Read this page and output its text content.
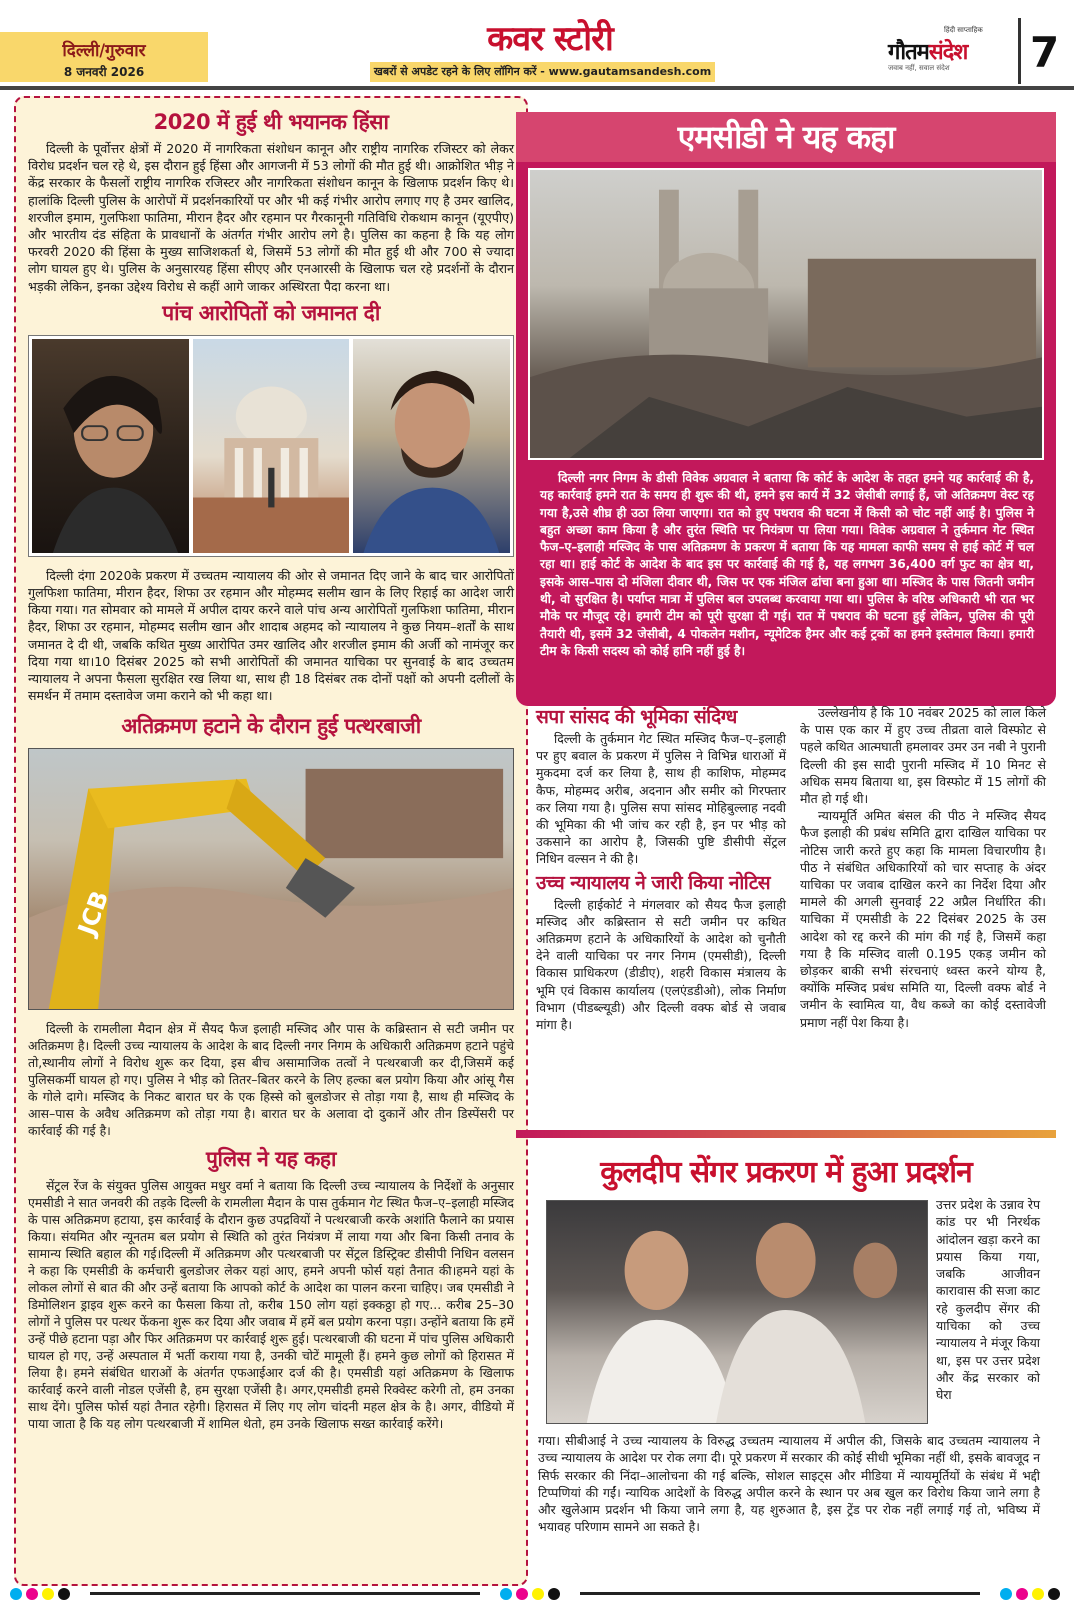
दिल्ली/गुरुवार
8 जनवरी 2026
कवर स्टोरी
खबरों से अपडेट रहने के लिए लॉगिन करें - www.gautamsandesh.com
हिंदी साप्ताहिक
गौतमसंदेश
जवाब नहीं, सवाल संदेश 7
2020 में हुई थी भयानक हिंसा

दिल्ली के पूर्वोत्तर क्षेत्रों में 2020 में नागरिकता संशोधन कानून और राष्ट्रीय नागरिक रजिस्टर को लेकर विरोध प्रदर्शन चल रहे थे, इस दौरान हुई हिंसा और आगजनी में 53 लोगों की मौत हुई थी। आक्रोशित भीड़ ने केंद्र सरकार के फैसलों राष्ट्रीय नागरिक रजिस्टर और नागरिकता संशोधन कानून के खिलाफ प्रदर्शन किए थे। हालांकि दिल्ली पुलिस के आरोपों में प्रदर्शनकारियों पर और भी कई गंभीर आरोप लगाए गए है उमर खालिद, शरजील इमाम, गुलफिशा फातिमा, मीरान हैदर और रहमान पर गैरकानूनी गतिविधि रोकथाम कानून (यूएपीए) और भारतीय दंड संहिता के प्रावधानों के अंतर्गत गंभीर आरोप लगे है। पुलिस का कहना है कि यह लोग फरवरी 2020 की हिंसा के मुख्य साजिशकर्ता थे, जिसमें 53 लोगों की मौत हुई थी और 700 से ज्यादा लोग घायल हुए थे। पुलिस के अनुसारयह हिंसा सीएए और एनआरसी के खिलाफ चल रहे प्रदर्शनों के दौरान भड़की लेकिन, इनका उद्देश्य विरोध से कहीं आगे जाकर अस्थिरता पैदा करना था।

पांच आरोपितों को जमानत दी

दिल्ली दंगा 2020के प्रकरण में उच्चतम न्यायालय की ओर से जमानत दिए जाने के बाद चार आरोपितों गुलफिशा फातिमा, मीरान हैदर, शिफा उर रहमान और मोहम्मद सलीम खान के लिए रिहाई का आदेश जारी किया गया। गत सोमवार को मामले में अपील दायर करने वाले पांच अन्य आरोपितों गुलफिशा फातिमा, मीरान हैदर, शिफा उर रहमान, मोहम्मद सलीम खान और शादाब अहमद को न्यायालय ने कुछ नियम–शर्तों के साथ जमानत दे दी थी, जबकि कथित मुख्य आरोपित उमर खालिद और शरजील इमाम की अर्जी को नामंजूर कर दिया गया था।10 दिसंबर 2025 को सभी आरोपितों की जमानत याचिका पर सुनवाई के बाद उच्चतम न्यायालय ने अपना फैसला सुरक्षित रख लिया था, साथ ही 18 दिसंबर तक दोनों पक्षों को अपनी दलीलों के समर्थन में तमाम दस्तावेज जमा कराने को भी कहा था।

अतिक्रमण हटाने के दौरान हुई पत्थरबाजी
JCB

दिल्ली के रामलीला मैदान क्षेत्र में सैयद फैज इलाही मस्जिद और पास के कब्रिस्तान से सटी जमीन पर अतिक्रमण है। दिल्ली उच्च न्यायालय के आदेश के बाद दिल्ली नगर निगम के अधिकारी अतिक्रमण हटाने पहुंचे तो,स्थानीय लोगों ने विरोध शुरू कर दिया, इस बीच असामाजिक तत्वों ने पत्थरबाजी कर दी,जिसमें कई पुलिसकर्मी घायल हो गए। पुलिस ने भीड़ को तितर–बितर करने के लिए हल्का बल प्रयोग किया और आंसू गैस के गोले दागे। मस्जिद के निकट बारात घर के एक हिस्से को बुलडोजर से तोड़ा गया है, साथ ही मस्जिद के आस–पास के अवैध अतिक्रमण को तोड़ा गया है। बारात घर के अलावा दो दुकानें और तीन डिस्पेंसरी पर कार्रवाई की गई है।

पुलिस ने यह कहा

सेंट्रल रेंज के संयुक्त पुलिस आयुक्त मधुर वर्मा ने बताया कि दिल्ली उच्च न्यायालय के निर्देशों के अनुसार एमसीडी ने सात जनवरी की तड़के दिल्ली के रामलीला मैदान के पास तुर्कमान गेट स्थित फैज–ए–इलाही मस्जिद के पास अतिक्रमण हटाया, इस कार्रवाई के दौरान कुछ उपद्रवियों ने पत्थरबाजी करके अशांति फैलाने का प्रयास किया। संयमित और न्यूनतम बल प्रयोग से स्थिति को तुरंत नियंत्रण में लाया गया और बिना किसी तनाव के सामान्य स्थिति बहाल की गई।दिल्ली में अतिक्रमण और पत्थरबाजी पर सेंट्रल डिस्ट्रिक्ट डीसीपी निधिन वलसन ने कहा कि एमसीडी के कर्मचारी बुलडोजर लेकर यहां आए, हमने अपनी फोर्स यहां तैनात की।हमने यहां के लोकल लोगों से बात की और उन्हें बताया कि आपको कोर्ट के आदेश का पालन करना चाहिए। जब एमसीडी ने डिमोलिशन ड्राइव शुरू करने का फैसला किया तो, करीब 150 लोग यहां इक्कठ्ठा हो गए... करीब 25–30 लोगों ने पुलिस पर पत्थर फेंकना शुरू कर दिया और जवाब में हमें बल प्रयोग करना पड़ा। उन्होंने बताया कि हमें उन्हें पीछे हटाना पड़ा और फिर अतिक्रमण पर कार्रवाई शुरू हुई। पत्थरबाजी की घटना में पांच पुलिस अधिकारी घायल हो गए, उन्हें अस्पताल में भर्ती कराया गया है, उनकी चोटें मामूली हैं। हमने कुछ लोगों को हिरासत में लिया है। हमने संबंधित धाराओं के अंतर्गत एफआईआर दर्ज की है। एमसीडी यहां अतिक्रमण के खिलाफ कार्रवाई करने वाली नोडल एजेंसी है, हम सुरक्षा एजेंसी है। अगर,एमसीडी हमसे रिक्वेस्ट करेगी तो, हम उनका साथ देंगे। पुलिस फोर्स यहां तैनात रहेगी। हिरासत में लिए गए लोग चांदनी महल क्षेत्र के है। अगर, वीडियो में पाया जाता है कि यह लोग पत्थरबाजी में शामिल थेतो, हम उनके खिलाफ सख्त कार्रवाई करेंगे।

एमसीडी ने यह कहा

दिल्ली नगर निगम के डीसी विवेक अग्रवाल ने बताया कि कोर्ट के आदेश के तहत हमने यह कार्रवाई की है, यह कार्रवाई हमने रात के समय ही शुरू की थी, हमने इस कार्य में 32 जेसीबी लगाई हैं, जो अतिक्रमण वेस्ट रह गया है,उसे शीघ्र ही उठा लिया जाएगा। रात को हुए पथराव की घटना में किसी को चोट नहीं आई है। पुलिस ने बहुत अच्छा काम किया है और तुरंत स्थिति पर नियंत्रण पा लिया गया। विवेक अग्रवाल ने तुर्कमान गेट स्थित फैज–ए–इलाही मस्जिद के पास अतिक्रमण के प्रकरण में बताया कि यह मामला काफी समय से हाई कोर्ट में चल रहा था। हाई कोर्ट के आदेश के बाद इस पर कार्रवाई की गई है, यह लगभग 36,400 वर्ग फुट का क्षेत्र था, इसके आस–पास दो मंजिला दीवार थी, जिस पर एक मंजिल ढांचा बना हुआ था। मस्जिद के पास जितनी जमीन थी, वो सुरक्षित है। पर्याप्त मात्रा में पुलिस बल उपलब्ध करवाया गया था। पुलिस के वरिष्ठ अधिकारी भी रात भर मौके पर मौजूद रहे। हमारी टीम को पूरी सुरक्षा दी गई। रात में पथराव की घटना हुई लेकिन, पुलिस की पूरी तैयारी थी, इसमें 32 जेसीबी, 4 पोकलेन मशीन, न्यूमेटिक हैमर और कई ट्रकों का हमने इस्तेमाल किया। हमारी टीम के किसी सदस्य को कोई हानि नहीं हुई है।

सपा सांसद की भूमिका संदिग्ध

दिल्ली के तुर्कमान गेट स्थित मस्जिद फैज–ए–इलाही पर हुए बवाल के प्रकरण में पुलिस ने विभिन्न धाराओं में मुकदमा दर्ज कर लिया है, साथ ही काशिफ, मोहम्मद कैफ, मोहम्मद अरीब, अदनान और समीर को गिरफ्तार कर लिया गया है। पुलिस सपा सांसद मोहिबुल्लाह नदवी की भूमिका की भी जांच कर रही है, इन पर भीड़ को उकसाने का आरोप है, जिसकी पुष्टि डीसीपी सेंट्रल निधिन वल्सन ने की है।

उच्च न्यायालय ने जारी किया नोटिस

दिल्ली हाईकोर्ट ने मंगलवार को सैयद फैज इलाही मस्जिद और कब्रिस्तान से सटी जमीन पर कथित अतिक्रमण हटाने के अधिकारियों के आदेश को चुनौती देने वाली याचिका पर नगर निगम (एमसीडी), दिल्ली विकास प्राधिकरण (डीडीए), शहरी विकास मंत्रालय के भूमि एवं विकास कार्यालय (एलएंडडीओ), लोक निर्माण विभाग (पीडब्ल्यूडी) और दिल्ली वक्फ बोर्ड से जवाब मांगा है।

उल्लेखनीय है कि 10 नवंबर 2025 को लाल किले के पास एक कार में हुए उच्च तीव्रता वाले विस्फोट से पहले कथित आत्मघाती हमलावर उमर उन नबी ने पुरानी दिल्ली की इस सादी पुरानी मस्जिद में 10 मिनट से अधिक समय बिताया था, इस विस्फोट में 15 लोगों की मौत हो गई थी।

न्यायमूर्ति अमित बंसल की पीठ ने मस्जिद सैयद फैज इलाही की प्रबंध समिति द्वारा दाखिल याचिका पर नोटिस जारी करते हुए कहा कि मामला विचारणीय है। पीठ ने संबंधित अधिकारियों को चार सप्ताह के अंदर याचिका पर जवाब दाखिल करने का निर्देश दिया और मामले की अगली सुनवाई 22 अप्रैल निर्धारित की। याचिका में एमसीडी के 22 दिसंबर 2025 के उस आदेश को रद्द करने की मांग की गई है, जिसमें कहा गया है कि मस्जिद वाली 0.195 एकड़ जमीन को छोड़कर बाकी सभी संरचनाएं ध्वस्त करने योग्य है, क्योंकि मस्जिद प्रबंध समिति या, दिल्ली वक्फ बोर्ड ने जमीन के स्वामित्व या, वैध कब्जे का कोई दस्तावेजी प्रमाण नहीं पेश किया है।

कुलदीप सेंगर प्रकरण में हुआ प्रदर्शन

उत्तर प्रदेश के उन्नाव रेप कांड पर भी निरर्थक आंदोलन खड़ा करने का प्रयास किया गया, जबकि आजीवन कारावास की सजा काट रहे कुलदीप सेंगर की याचिका को उच्च न्यायालय ने मंजूर किया था, इस पर उत्तर प्रदेश और केंद्र सरकार को घेरा

गया। सीबीआई ने उच्च न्यायालय के विरुद्ध उच्चतम न्यायालय में अपील की, जिसके बाद उच्चतम न्यायालय ने उच्च न्यायालय के आदेश पर रोक लगा दी। पूरे प्रकरण में सरकार की कोई सीधी भूमिका नहीं थी, इसके बावजूद न सिर्फ सरकार की निंदा–आलोचना की गई बल्कि, सोशल साइट्स और मीडिया में न्यायमूर्तियों के संबंध में भद्दी टिप्पणियां की गईं। न्यायिक आदेशों के विरुद्ध अपील करने के स्थान पर अब खुल कर विरोध किया जाने लगा है और खुलेआम प्रदर्शन भी किया जाने लगा है, यह शुरुआत है, इस ट्रेंड पर रोक नहीं लगाई गई तो, भविष्य में भयावह परिणाम सामने आ सकते है।
